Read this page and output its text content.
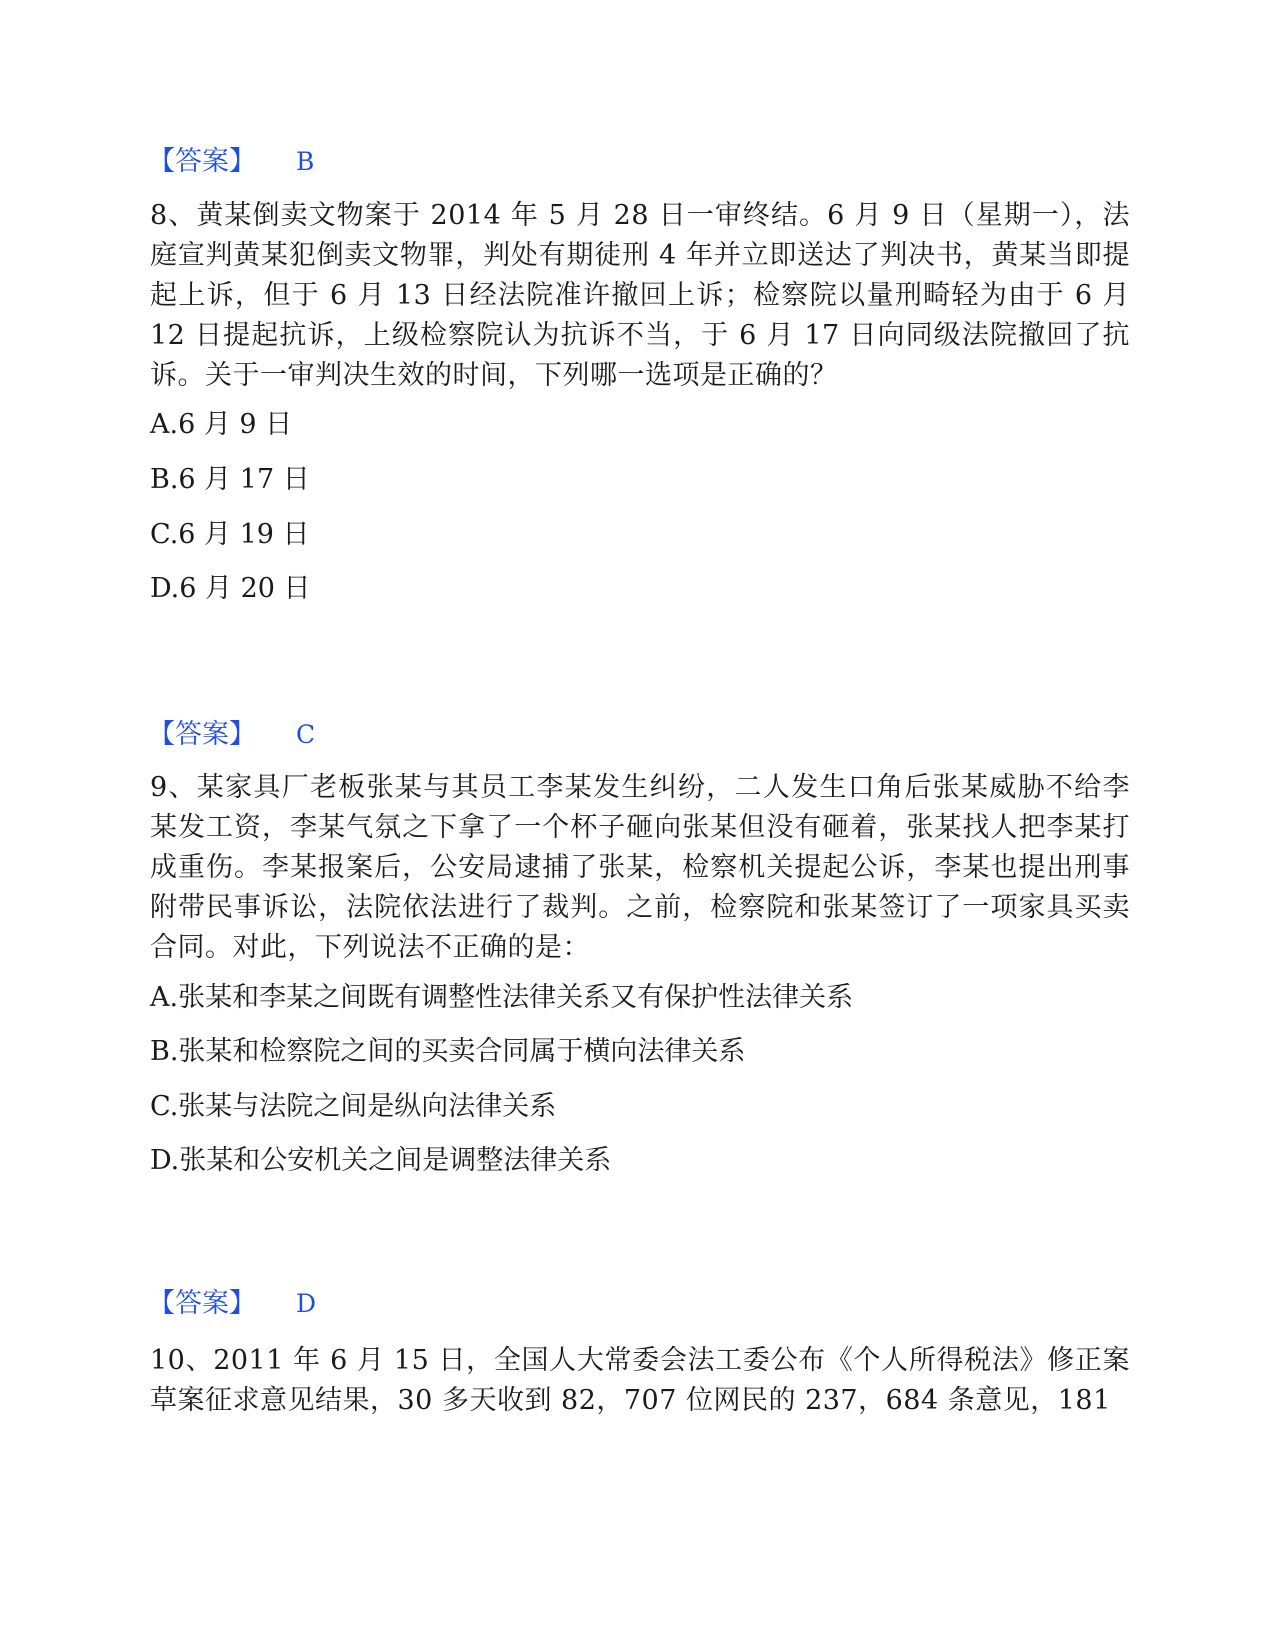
【答案】 B
8、黄某倒卖文物案于 2014 年 5 月 28 日一审终结。6 月 9 日（星期一），法庭宣判黄某犯倒卖文物罪，判处有期徒刑 4 年并立即送达了判决书，黄某当即提起上诉，但于 6 月 13 日经法院准许撤回上诉；检察院以量刑畸轻为由于 6 月 12 日提起抗诉，上级检察院认为抗诉不当，于 6 月 17 日向同级法院撤回了抗诉。关于一审判决生效的时间，下列哪一选项是正确的？
A.6 月 9 日
B.6 月 17 日
C.6 月 19 日
D.6 月 20 日
【答案】 C
9、某家具厂老板张某与其员工李某发生纠纷，二人发生口角后张某威胁不给李某发工资，李某气氛之下拿了一个杯子砸向张某但没有砸着，张某找人把李某打成重伤。李某报案后，公安局逮捕了张某，检察机关提起公诉，李某也提出刑事附带民事诉讼，法院依法进行了裁判。之前，检察院和张某签订了一项家具买卖合同。对此，下列说法不正确的是：
A.张某和李某之间既有调整性法律关系又有保护性法律关系
B.张某和检察院之间的买卖合同属于横向法律关系
C.张某与法院之间是纵向法律关系
D.张某和公安机关之间是调整法律关系
【答案】 D
10、2011 年 6 月 15 日，全国人大常委会法工委公布《个人所得税法》修正案草案征求意见结果，30 多天收到 82，707 位网民的 237，684 条意见，181
